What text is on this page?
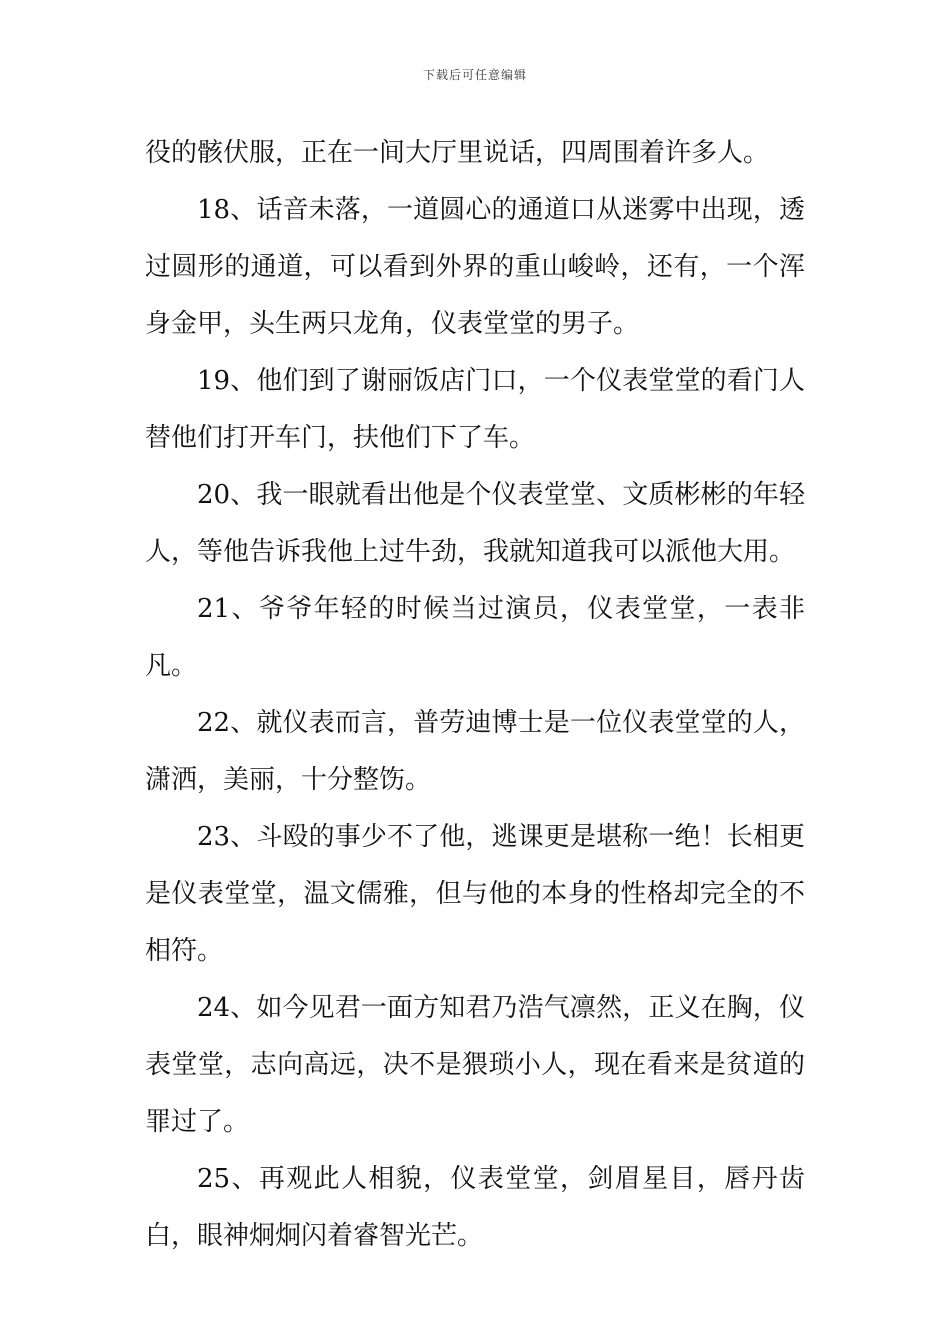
下载后可任意编辑

役的骸伏服，正在一间大厅里说话，四周围着许多人。

18、话音未落，一道圆心的通道口从迷雾中出现，透过圆形的通道，可以看到外界的重山峻岭，还有，一个浑身金甲，头生两只龙角，仪表堂堂的男子。

19、他们到了谢丽饭店门口，一个仪表堂堂的看门人替他们打开车门，扶他们下了车。

20、我一眼就看出他是个仪表堂堂、文质彬彬的年轻人，等他告诉我他上过牛劲，我就知道我可以派他大用。

21、爷爷年轻的时候当过演员，仪表堂堂，一表非凡。

22、就仪表而言，普劳迪博士是一位仪表堂堂的人，潇洒，美丽，十分整饬。

23、斗殴的事少不了他，逃课更是堪称一绝！长相更是仪表堂堂，温文儒雅，但与他的本身的性格却完全的不相符。

24、如今见君一面方知君乃浩气凛然，正义在胸，仪表堂堂，志向高远，决不是猥琐小人，现在看来是贫道的罪过了。

25、再观此人相貌，仪表堂堂，剑眉星目，唇丹齿白，眼神炯炯闪着睿智光芒。
